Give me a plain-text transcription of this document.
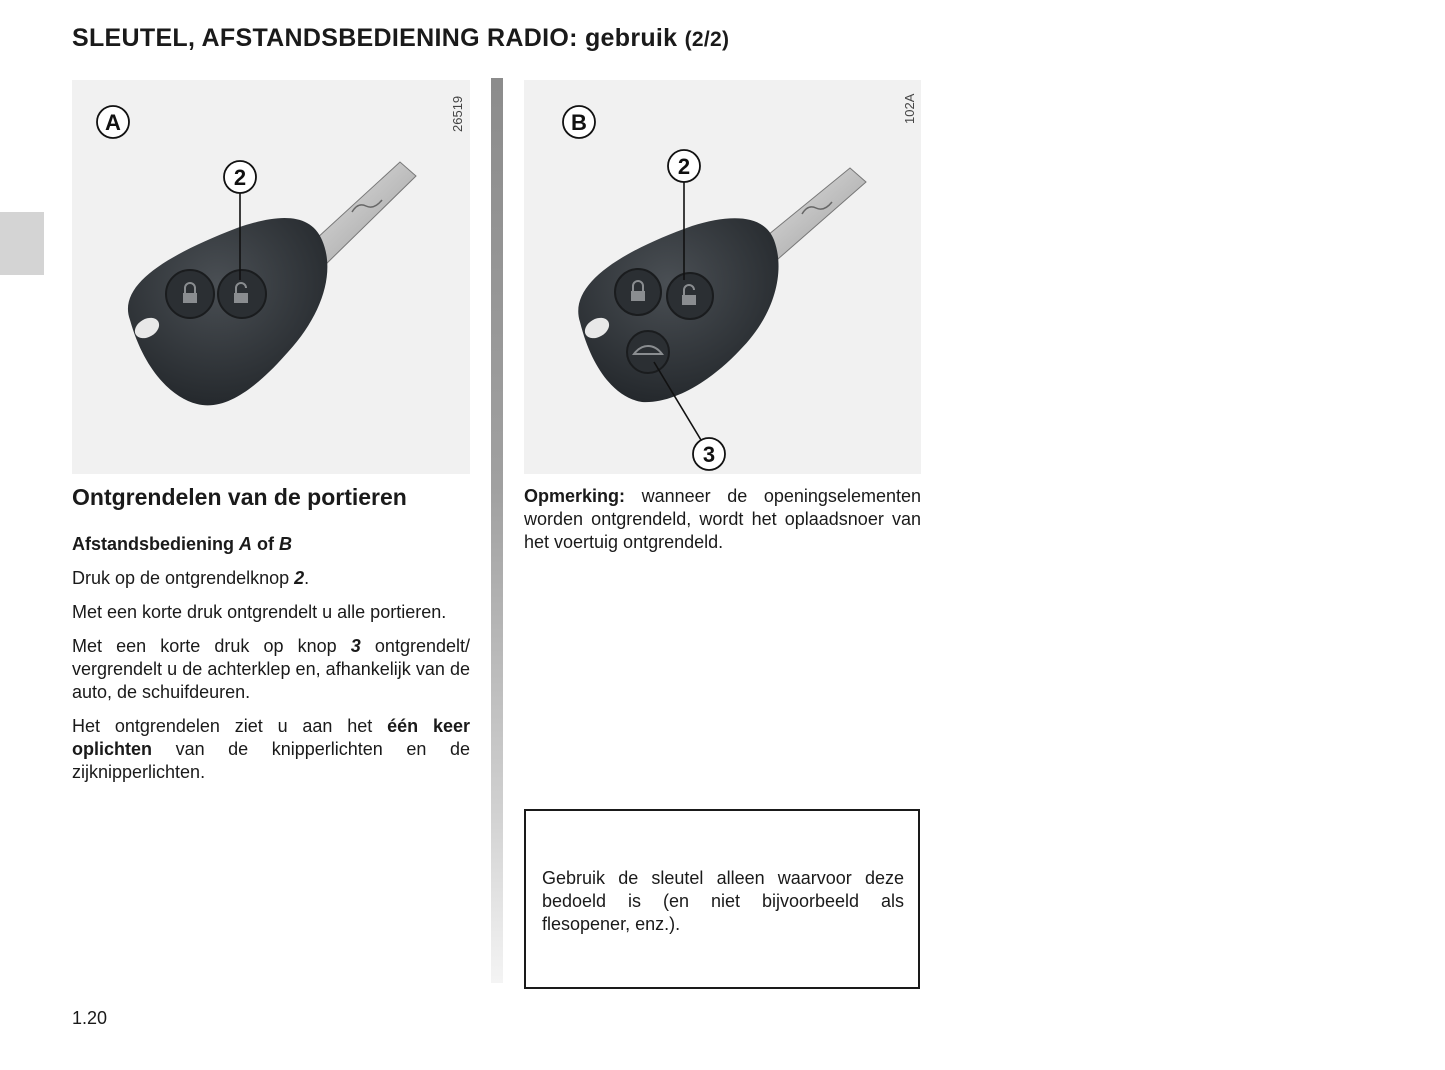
SLEUTEL, AFSTANDSBEDIENING RADIO: gebruik (2/2)
2
A	26519
2
3
B	102A
Ontgrendelen van de portieren

Afstandsbediening A of B

Druk op de ontgrendelknop 2.

Met een korte druk ontgrendelt u alle portieren.

Met een korte druk op knop 3 ontgrendelt/ vergrendelt u de achterklep en, afhankelijk van de auto, de schuifdeuren.

Het ontgrendelen ziet u aan het één keer oplichten van de knipperlichten en de zijknipperlichten.

Opmerking: wanneer de openingselementen worden ontgrendeld, wordt het oplaadsnoer van het voertuig ontgrendeld.

Gebruik de sleutel alleen waarvoor deze bedoeld is (en niet bijvoorbeeld als flesopener, enz.).

1.20
